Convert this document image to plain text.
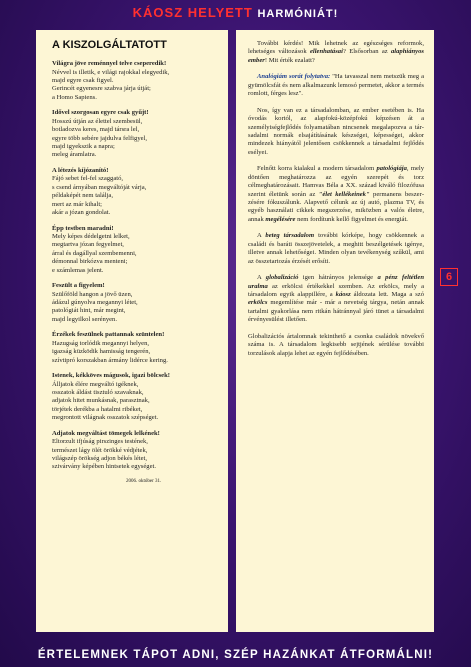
KÁOSZ HELYETT HARMÓNIÁT!
A KISZOLGÁLTATOTT
Világra jöve reménnyel telve cseperedik!
Névvel is illetik, e világi rajokkal elegyedik,
majd egyre csak figyel.
Gerincét egyenesre szabva járja útját;
a Homo Sapiens.
Idővel szorgosan egyre csak gyűjt!
Hosszú útján az élettel szembesül,
botladozva keres, majd társra lel,
egyre több sebére jajdulva felfigyel,
majd igyekszik a napra;
meleg áramlatra.
A létezés kíjózanító!
Fájó sebet fel-fel szaggató,
s csend árnyában megváltóját várja,
példaképét nem találja,
mert az már kihalt;
akár a józan gondolat.
Épp testben maradni!
Mely képes dédelgetni lelket,
megtartva józan fegyelmet,
árral és dagállyal szembemenni,
démonnal birkózva menteni;
e számlemas jelent.
Feszült a figyelem!
Szülőföld hangon a jövő üzen,
ádázul gúnyolva megannyi létet,
patológiát hint, már megint,
majd legyilkol serényen.
Érzékek feszülnek pattannak szüntelen!
Hazugság torlódik megannyi helyen,
igazság küzködik hamisság tengerén,
szívtipró korszakban ármány lidérce kering.
Istenek, kékköves mágusok, igazi bölcsek!
Álljatok élére megváltó igéknek,
osszatok áldást tisztuló szavaknak,
adjatok hitet munkásnak, parasztnak,
törjétek derékba a hatalmi ribéket,
megrontott világnak osszatok szépséget.
Adjatok megváltást tömegek lelkének!
Eltorzult ifjúság pirszinges testének,
természet lágy ölét örökké védjétek,
világszép örökség adjon békés létet,
szivárvány képében hintsetek egységet.
2006. október 31.

További kérdés! Mik lehetnek az egészséges reformok, lehetséges változások ellenhatásai? Elsősorban az alaphiányos ember! Mit érték ezalatt?

Analógiám sorát folytatva: "Ha tavasszal nem metszük meg a gyümölcsfát és nem alkalmazunk lemosó permetet, akkor a termés romlott, férges lesz".

Nos, így van ez a társadalomban, az ember esetében is. Ha óvodás kortól, az alapfokú-középfokú képzésen át a személyiségfejlődés folyamatában nincsenek megalapozva a társadalmi normák elsajátításának készségei, képességei, akkor mindezek hiányától jelentősen csökkennek a társadalmi fejlődés esélyei.

Felnőtt korra kialakul a modern társadalom patológiája, mely döntően meghatározza az egyén szerepét és torz célmeghatározásait. Hamvas Béla a XX. század kiváló filozófusa szerint életünk során az "élet kellékeinek" permanens beszerzésére fókuszálunk. Alapvető célunk az új autó, plazma TV, és egyéb használati cikkek megszerzése, miközben a valós életre, annak megélésére nem fordítunk kellő figyelmet és energiát.

A beteg társadalom további kórképe, hogy csökkennek a családi és baráti összejövetelek, a meghitt beszélgetések igénye, illetve annak lehetőségei. Minden olyan tevékenység szűkül, ami az összetartozás érzését erősíti.

A globalizáció igen hátrányos jelensége a pénz feltétlen uralma az erkölcsi értékekkel szemben. Az erkölcs, mely a társadalom egyik alappillére, a káosz áldozata lett. Maga a szó erkölcs megemlítése már - már a nevetség tárgya, netán annak tartalmi gyakorlása nem ritkán hátránnyal járó tünet a társadalmi érvényesülést illetően.

Globalizációs ártalomnak tekinthető a csonka családok növekvő száma is. A társadalom legkisebb sejtjének sérülése további torzulások alapja lehet az egyén fejlődésében.

6
ÉRTELEMNEK TÁPOT ADNI, SZÉP HAZÁNKAT ÁTFORMÁLNI!
